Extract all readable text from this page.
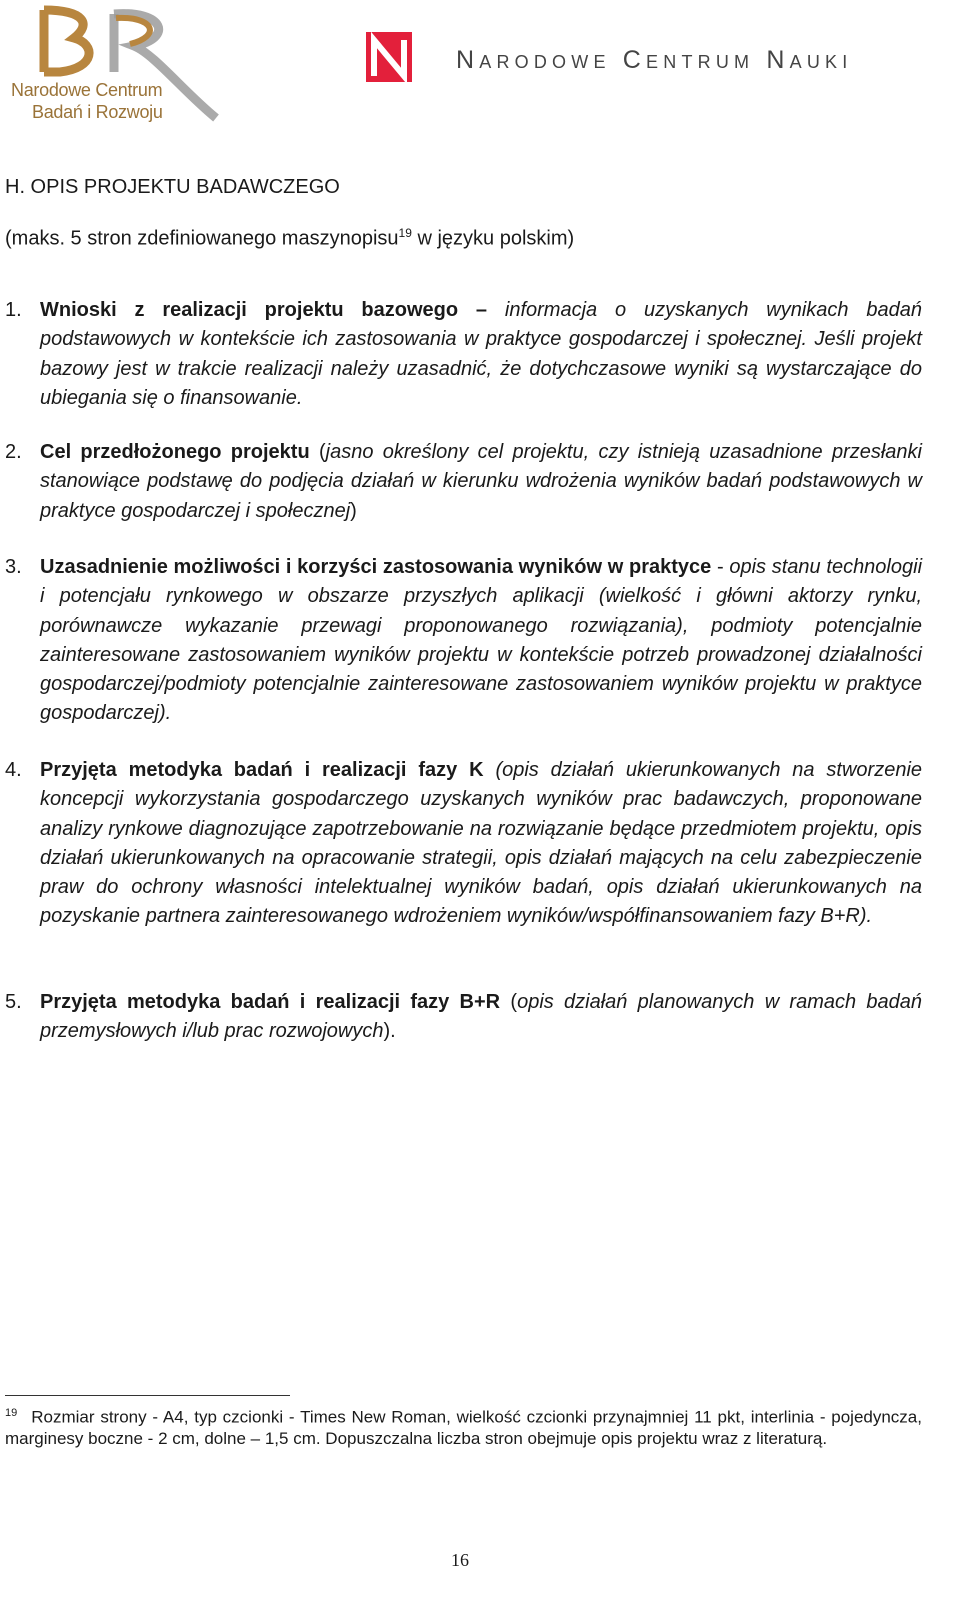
Narodowe Centrum
Badań i Rozwoju
Narodowe Centrum Nauki
H. OPIS PROJEKTU BADAWCZEGO
(maks. 5 stron zdefiniowanego maszynopisu$^{19}$ w języku polskim)
1. Wnioski z realizacji projektu bazowego – informacja o uzyskanych wynikach badań podstawowych w kontekście ich zastosowania w praktyce gospodarczej i społecznej. Jeśli projekt bazowy jest w trakcie realizacji należy uzasadnić, że dotychczasowe wyniki są wystarczające do ubiegania się o finansowanie.
2. Cel przedłożonego projektu (jasno określony cel projektu, czy istnieją uzasadnione przesłanki stanowiące podstawę do podjęcia działań w kierunku wdrożenia wyników badań podstawowych w praktyce gospodarczej i społecznej)
3. Uzasadnienie możliwości i korzyści zastosowania wyników w praktyce - opis stanu technologii i potencjału rynkowego w obszarze przyszłych aplikacji (wielkość i główni aktorzy rynku, porównawcze wykazanie przewagi proponowanego rozwiązania), podmioty potencjalnie zainteresowane zastosowaniem wyników projektu w kontekście potrzeb prowadzonej działalności gospodarczej/podmioty potencjalnie zainteresowane zastosowaniem wyników projektu w praktyce gospodarczej).
4. Przyjęta metodyka badań i realizacji fazy K (opis działań ukierunkowanych na stworzenie koncepcji wykorzystania gospodarczego uzyskanych wyników prac badawczych, proponowane analizy rynkowe diagnozujące zapotrzebowanie na rozwiązanie będące przedmiotem projektu, opis działań ukierunkowanych na opracowanie strategii, opis działań mających na celu zabezpieczenie praw do ochrony własności intelektualnej wyników badań, opis działań ukierunkowanych na pozyskanie partnera zainteresowanego wdrożeniem wyników/współfinansowaniem fazy B+R).
5. Przyjęta metodyka badań i realizacji fazy B+R (opis działań planowanych w ramach badań przemysłowych i/lub prac rozwojowych).
$^{19}$ Rozmiar strony - A4, typ czcionki - Times New Roman, wielkość czcionki przynajmniej 11 pkt, interlinia - pojedyncza, marginesy boczne - 2 cm, dolne – 1,5 cm. Dopuszczalna liczba stron obejmuje opis projektu wraz z literaturą.
16
